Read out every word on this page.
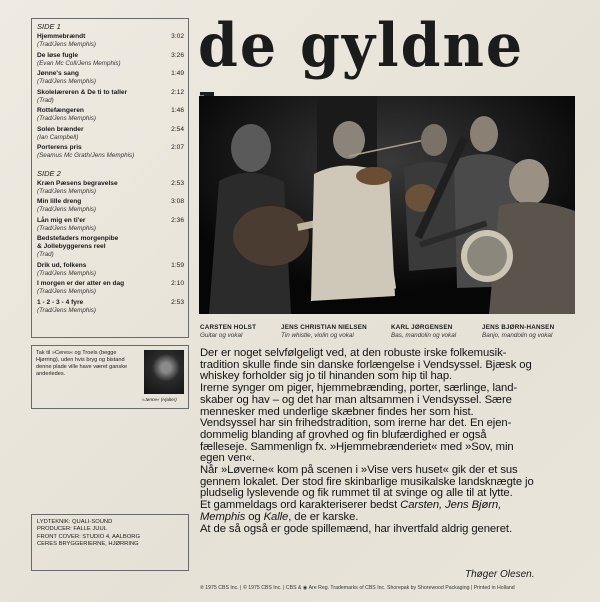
SIDE 1
Hjemmebrændt
(Trad/Jens Memphis)
3:02
De løse fugle
(Evan Mc Coll/Jens Memphis)
3:26
Jønne's sang
(Trad/Jens Memphis)
1:49
Skolelæreren & De ti to taller
(Trad)
2:12
Rottefængeren
(Trad/Jens Memphis)
1:46
Solen brænder
(Ian Campbell)
2:54
Porterens pris
(Seamus Mc Grath/Jens Memphis)
2:07
SIDE 2
Kræn Pæsens begravelse
(Trad/Jens Memphis)
2:53
Min lille dreng
(Trad/Jens Memphis)
3:08
Lån mig en ti'er
(Trad/Jens Memphis)
2:36
Bedstefaders morgenpibe
& Jollebyggerens reel
(Trad)
Drik ud, folkens
(Trad/Jens Memphis)
1:59
I morgen er der atter en dag
(Trad/Jens Memphis)
2:10
1 - 2 - 3 - 4 fyre
(Trad/Jens Memphis)
2:53
Tak til »Ceres« og Troels (begge Hjørring), uden hvis bryg og bistand denne plade ville have været ganske anderledes.
»Jønne« (Hjalter)
LYDTEKNIK: QUALI-SOUND
PRODUCER: FALLE JUUL
FRONT COVER: STUDIO 4, AALBORG
CERES BRYGGERIERNE, HJØRRING
de gyldne
CARSTEN HOLST
Guitar og vokal
JENS CHRISTIAN NIELSEN
Tin whistle, violin og vokal
KARL JØRGENSEN
Bas, mandolin og vokal
JENS BJØRN-HANSEN
Banjo, mandolin og vokal

Der er noget selvfølgeligt ved, at den robuste irske folkemusik-

tradition skulle finde sin danske forlængelse i Vendsyssel. Bjæsk og

whiskey forholder sig jo til hinanden som hip til hap.

Irerne synger om piger, hjemmebrænding, porter, særlinge, land-

skaber og hav – og det har man altsammen i Vendsyssel. Sære

mennesker med underlige skæbner findes her som hist.

Vendsyssel har sin frihedstradition, som irerne har det. En ejen-

dommelig blanding af grovhed og fin blufærdighed er også

fællesеje. Sammenlign fx. »Hjemmebrænderiet« med »Sov, min

egen ven«.

Når »Løverne« kom på scenen i »Vise vers huset« gik der et sus

gennem lokalet. Der stod fire skinbarlige musikalske landsknægte jo

pludselig lyslevende og fik rummet til at svinge og alle til at lytte.

Et gammeldags ord karakteriserer bedst Carsten, Jens Bjørn,

Memphis og Kalle, de er karske.

At de så også er gode spillemænd, har ihvertfald aldrig generet.

Thøger Olesen.
℗ 1975 CBS Inc. | © 1975 CBS Inc. | CBS & ◉ Are Reg. Trademarks of CBS Inc. Shorepak by Shorewood Packaging | Printed in Holland
